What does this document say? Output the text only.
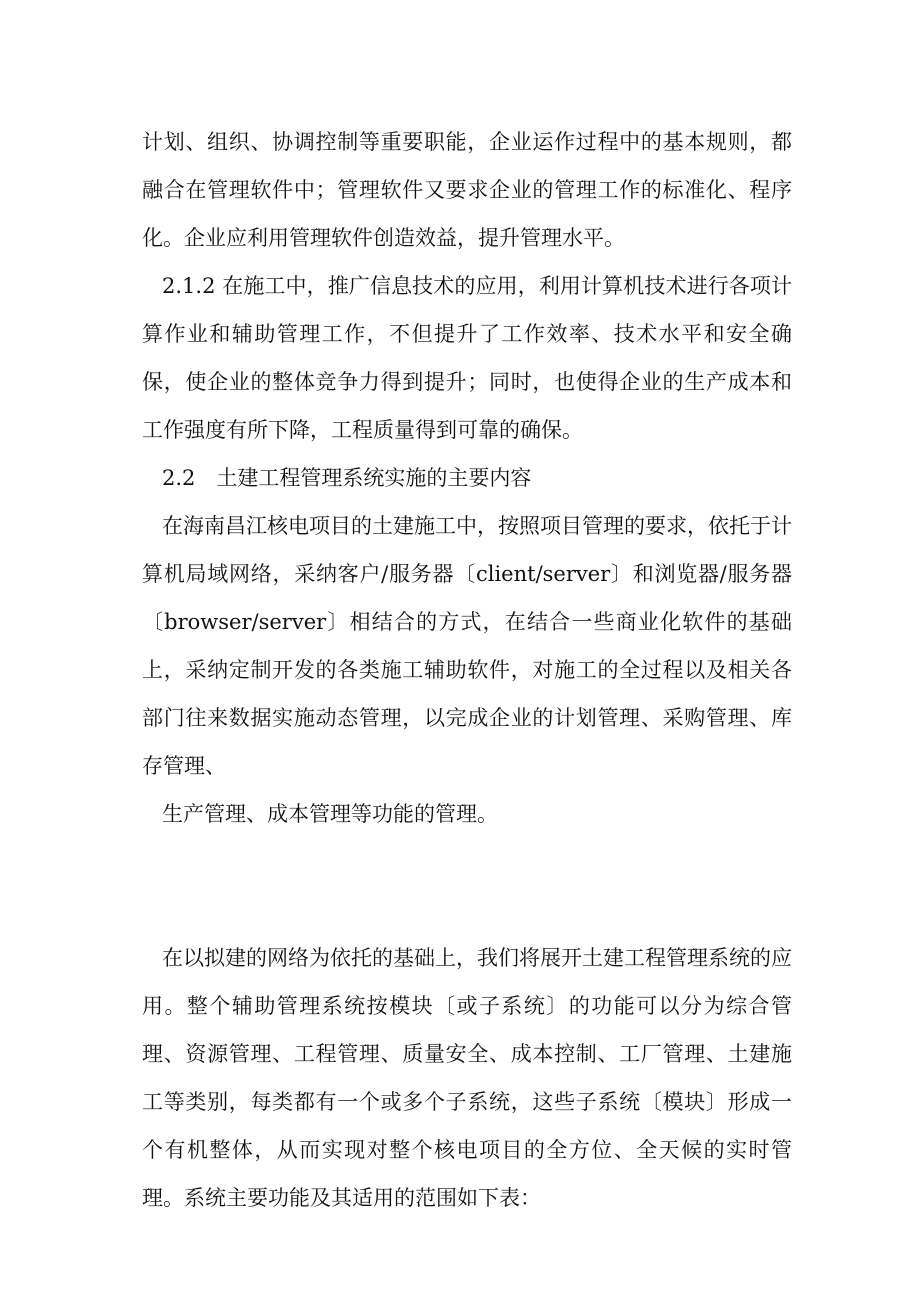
计划、组织、协调控制等重要职能，企业运作过程中的基本规则，都融合在管理软件中；管理软件又要求企业的管理工作的标准化、程序化。企业应利用管理软件创造效益，提升管理水平。

2.1.2 在施工中，推广信息技术的应用，利用计算机技术进行各项计算作业和辅助管理工作，不但提升了工作效率、技术水平和安全确保，使企业的整体竞争力得到提升；同时，也使得企业的生产成本和工作强度有所下降，工程质量得到可靠的确保。

2.2　土建工程管理系统实施的主要内容

在海南昌江核电项目的土建施工中，按照项目管理的要求，依托于计算机局域网络，采纳客户/服务器〔client/server〕和浏览器/服务器〔browser/server〕相结合的方式，在结合一些商业化软件的基础上，采纳定制开发的各类施工辅助软件，对施工的全过程以及相关各部门往来数据实施动态管理，以完成企业的计划管理、采购管理、库存管理、

生产管理、成本管理等功能的管理。

在以拟建的网络为依托的基础上，我们将展开土建工程管理系统的应用。整个辅助管理系统按模块〔或子系统〕的功能可以分为综合管理、资源管理、工程管理、质量安全、成本控制、工厂管理、土建施工等类别，每类都有一个或多个子系统，这些子系统〔模块〕形成一个有机整体，从而实现对整个核电项目的全方位、全天候的实时管理。系统主要功能及其适用的范围如下表：
